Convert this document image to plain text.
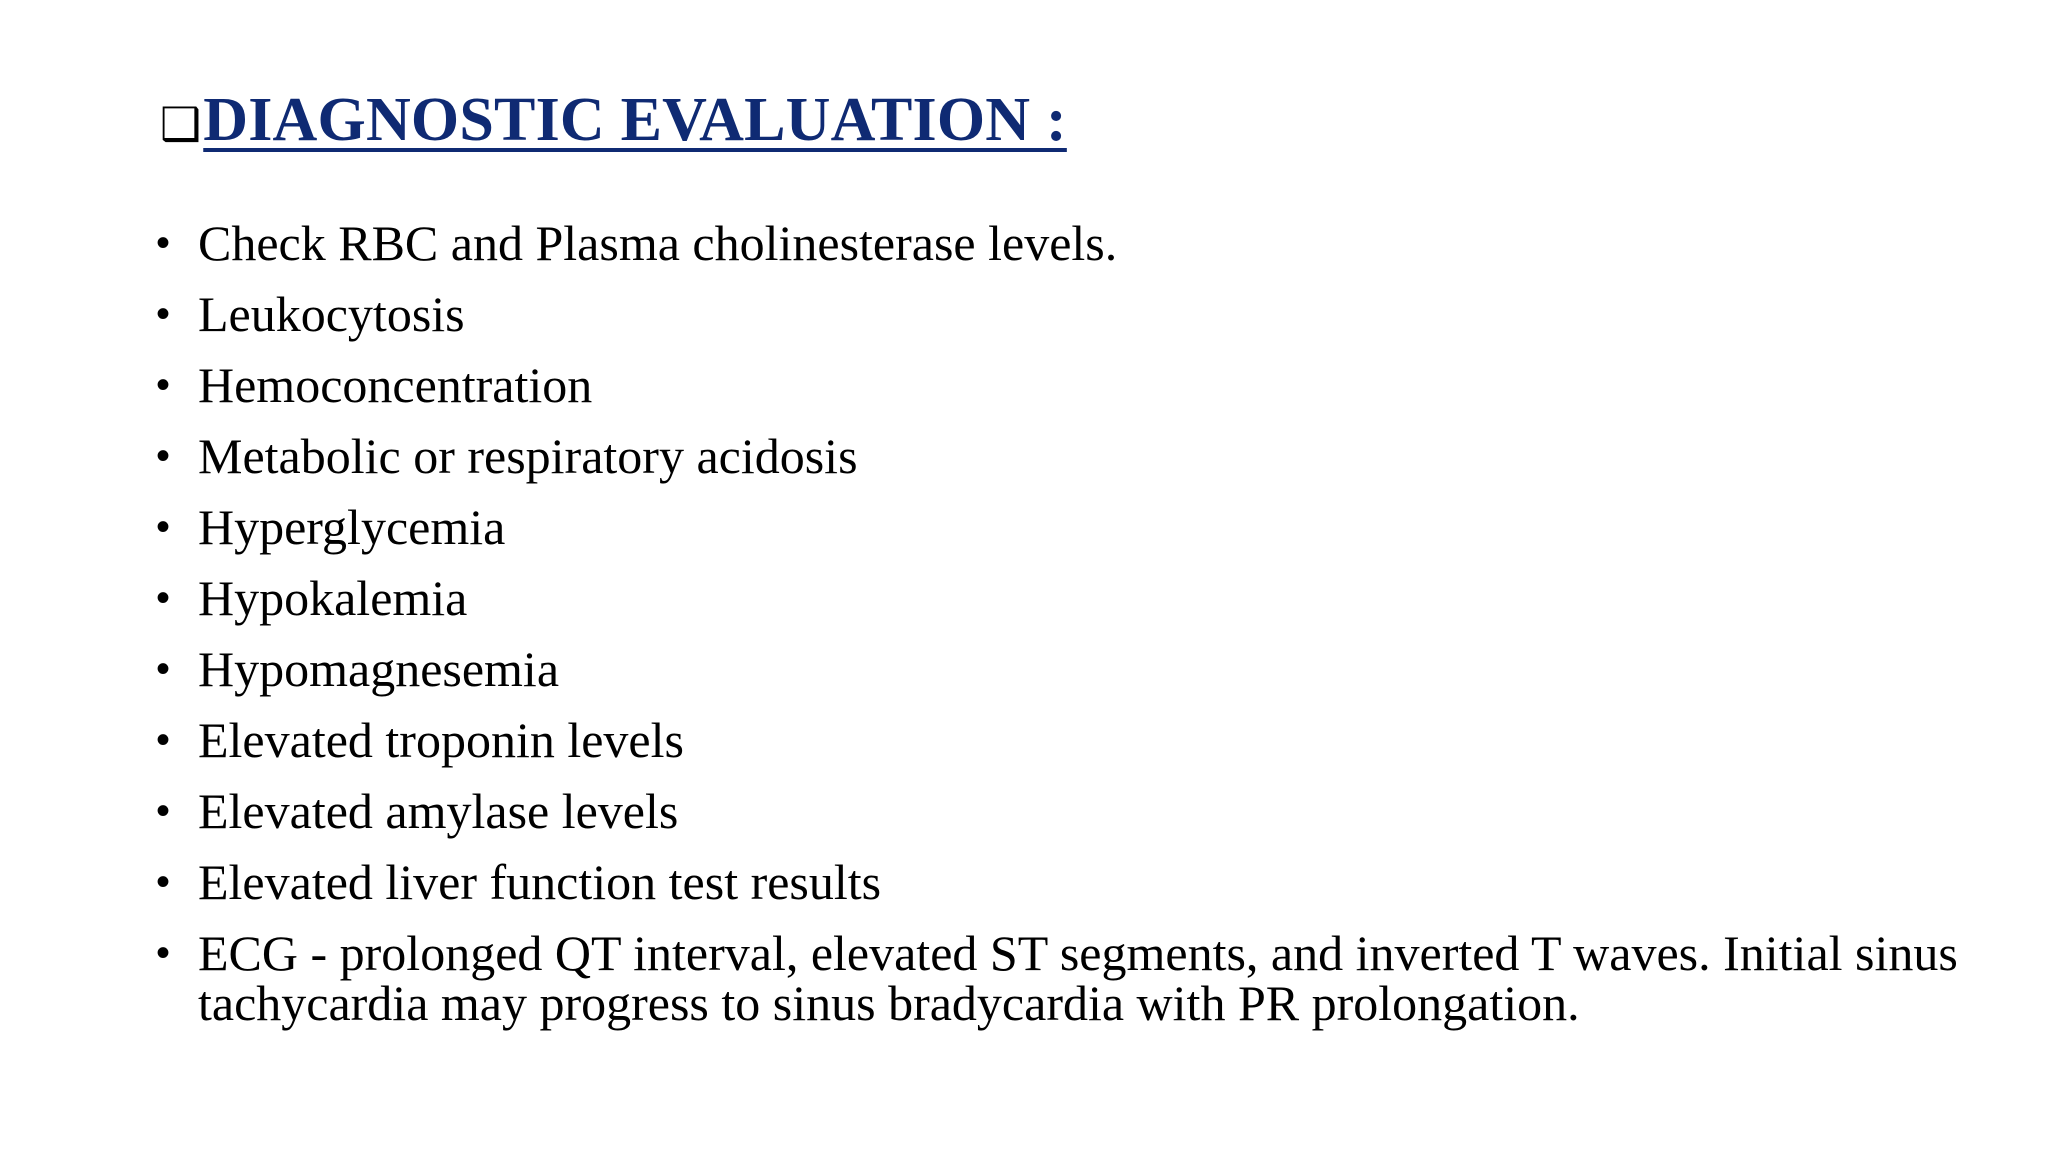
❑ DIAGNOSTIC EVALUATION :
• Check RBC and Plasma cholinesterase levels.
• Leukocytosis
• Hemoconcentration
• Metabolic or respiratory acidosis
• Hyperglycemia
• Hypokalemia
• Hypomagnesemia
• Elevated troponin levels
• Elevated amylase levels
• Elevated liver function test results
• ECG - prolonged QT interval, elevated ST segments, and inverted T waves. Initial sinus tachycardia may progress to sinus bradycardia with PR prolongation.
